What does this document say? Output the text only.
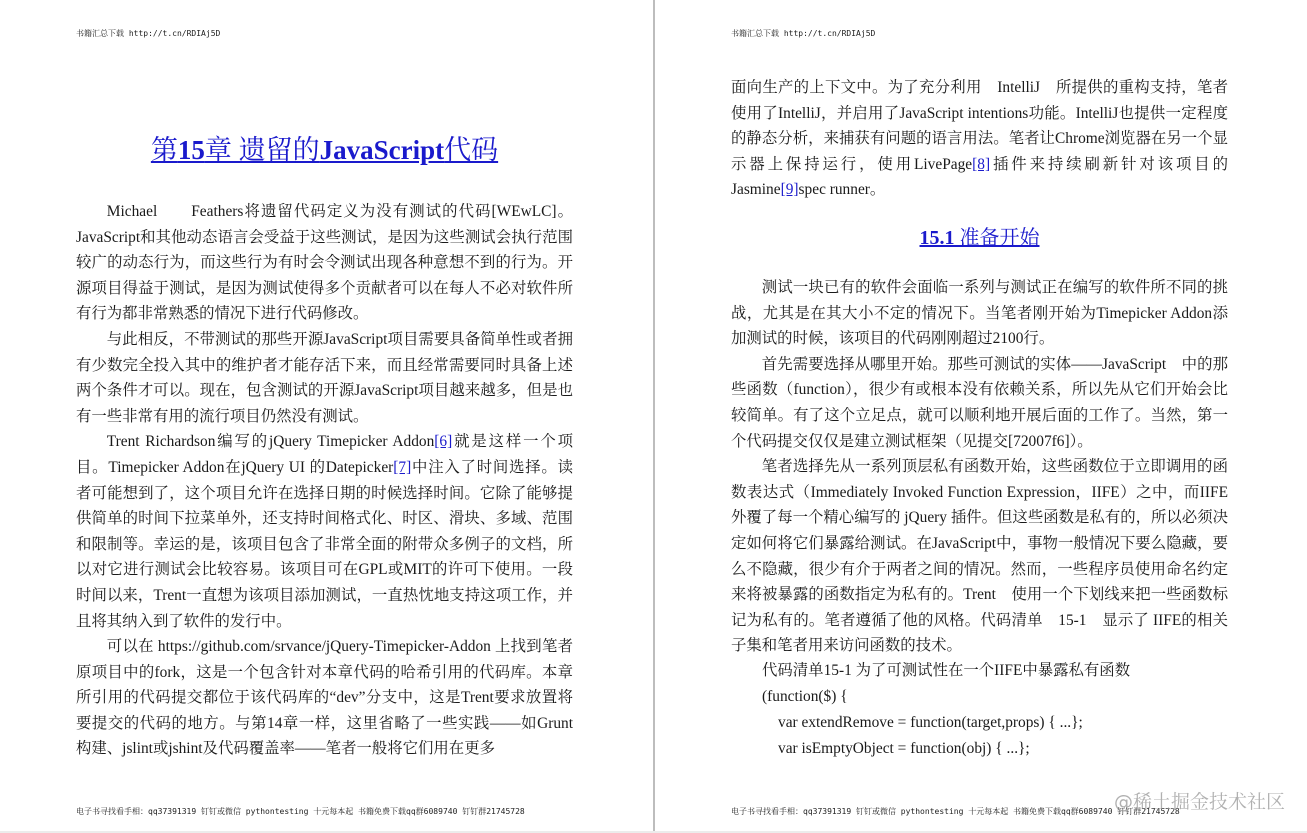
书籍汇总下载 http://t.cn/RDIAj5D
第15章 遗留的JavaScript代码

Michael　　Feathers将遗留代码定义为没有测试的代码[WEwLC]。JavaScript和其他动态语言会受益于这些测试，是因为这些测试会执行范围较广的动态行为，而这些行为有时会令测试出现各种意想不到的行为。开源项目得益于测试，是因为测试使得多个贡献者可以在每人不必对软件所有行为都非常熟悉的情况下进行代码修改。

与此相反，不带测试的那些开源JavaScript项目需要具备简单性或者拥有少数完全投入其中的维护者才能存活下来，而且经常需要同时具备上述两个条件才可以。现在，包含测试的开源JavaScript项目越来越多，但是也有一些非常有用的流行项目仍然没有测试。

Trent Richardson编写的jQuery Timepicker Addon[6]就是这样一个项目。Timepicker Addon在jQuery UI 的Datepicker[7]中注入了时间选择。读者可能想到了，这个项目允许在选择日期的时候选择时间。它除了能够提供简单的时间下拉菜单外，还支持时间格式化、时区、滑块、多域、范围和限制等。幸运的是，该项目包含了非常全面的附带众多例子的文档，所以对它进行测试会比较容易。该项目可在GPL或MIT的许可下使用。一段时间以来，Trent一直想为该项目添加测试，一直热忱地支持这项工作，并且将其纳入到了软件的发行中。

可以在 https://github.com/srvance/jQuery-Timepicker-Addon 上找到笔者原项目中的fork，这是一个包含针对本章代码的哈希引用的代码库。本章所引用的代码提交都位于该代码库的“dev”分支中，这是Trent要求放置将要提交的代码的地方。与第14章一样，这里省略了一些实践——如Grunt构建、jslint或jshint及代码覆盖率——笔者一般将它们用在更多

电子书寻找看手相：qq37391319 钉钉或微信 pythontesting 十元每本起 书籍免费下载qq群6089740 钉钉群21745728
书籍汇总下载 http://t.cn/RDIAj5D

面向生产的上下文中。为了充分利用　IntelliJ　所提供的重构支持，笔者使用了IntelliJ，并启用了JavaScript intentions功能。IntelliJ也提供一定程度的静态分析，来捕获有问题的语言用法。笔者让Chrome浏览器在另一个显示器上保持运行，使用LivePage[8]插件来持续刷新针对该项目的Jasmine[9]spec runner。

15.1 准备开始

测试一块已有的软件会面临一系列与测试正在编写的软件所不同的挑战，尤其是在其大小不定的情况下。当笔者刚开始为Timepicker Addon添加测试的时候，该项目的代码刚刚超过2100行。

首先需要选择从哪里开始。那些可测试的实体——JavaScript　中的那些函数（function），很少有或根本没有依赖关系，所以先从它们开始会比较简单。有了这个立足点，就可以顺利地开展后面的工作了。当然，第一个代码提交仅仅是建立测试框架（见提交[72007f6]）。

笔者选择先从一系列顶层私有函数开始，这些函数位于立即调用的函数表达式（Immediately Invoked Function Expression，IIFE）之中，而IIFE外覆了每一个精心编写的 jQuery 插件。但这些函数是私有的，所以必须决定如何将它们暴露给测试。在JavaScript中，事物一般情况下要么隐藏，要么不隐藏，很少有介于两者之间的情况。然而，一些程序员使用命名约定来将被暴露的函数指定为私有的。Trent　使用一个下划线来把一些函数标记为私有的。笔者遵循了他的风格。代码清单　15-1　显示了 IIFE的相关子集和笔者用来访问函数的技术。

代码清单15-1 为了可测试性在一个IIFE中暴露私有函数
(function($) {
var extendRemove = function(target,props) { ...};
var isEmptyObject = function(obj) { ...};
电子书寻找看手相：qq37391319 钉钉或微信 pythontesting 十元每本起 书籍免费下载qq群6089740 钉钉群21745728
@稀土掘金技术社区
